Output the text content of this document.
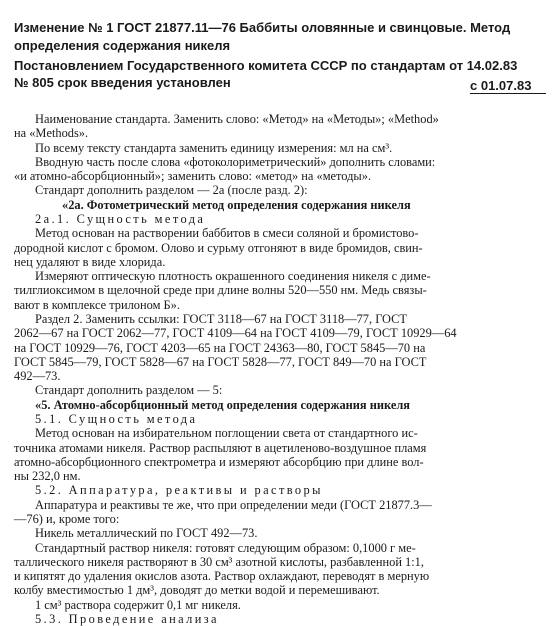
Изменение № 1 ГОСТ 21877.11—76 Баббиты оловянные и свинцовые. Метод
определения содержания никеля
Постановлением Государственного комитета СССР по стандартам от 14.02.83
№ 805 срок введения установлен	с 01.07.83
Наименование стандарта. Заменить слово: «Метод» на «Методы»; «Method»
на «Methods».
По всему тексту стандарта заменить единицу измерения: мл на см³.
Вводную часть после слова «фотоколориметрический» дополнить словами:
«и атомно-абсорбционный»; заменить слово: «метод» на «методы».
Стандарт дополнить разделом — 2а (после разд. 2):
«2а. Фотометрический метод определения содержания никеля
2а.1. Сущность метода
Метод основан на растворении баббитов в смеси соляной и бромистово-
дородной кислот с бромом. Олово и сурьму отгоняют в виде бромидов, свин-
нец удаляют в виде хлорида.
Измеряют оптическую плотность окрашенного соединения никеля с диме-
тилглиоксимом в щелочной среде при длине волны 520—550 нм. Медь связы-
вают в комплексе трилоном Б».
Раздел 2. Заменить ссылки: ГОСТ 3118—67 на ГОСТ 3118—77, ГОСТ
2062—67 на ГОСТ 2062—77, ГОСТ 4109—64 на ГОСТ 4109—79, ГОСТ 10929—64
на ГОСТ 10929—76, ГОСТ 4203—65 на ГОСТ 24363—80, ГОСТ 5845—70 на
ГОСТ 5845—79, ГОСТ 5828—67 на ГОСТ 5828—77, ГОСТ 849—70 на ГОСТ
492—73.
Стандарт дополнить разделом — 5:
«5. Атомно-абсорбционный метод определения содержания никеля
5.1. Сущность метода
Метод основан на избирательном поглощении света от стандартного ис-
точника атомами никеля. Раствор распыляют в ацетиленово-воздушное пламя
атомно-абсорбционного спектрометра и измеряют абсорбцию при длине вол-
ны 232,0 нм.
5.2. Аппаратура, реактивы и растворы
Аппаратура и реактивы те же, что при определении меди (ГОСТ 21877.3—
—76) и, кроме того:
Никель металлический по ГОСТ 492—73.
Стандартный раствор никеля: готовят следующим образом: 0,1000 г ме-
таллического никеля растворяют в 30 см³ азотной кислоты, разбавленной 1:1,
и кипятят до удаления окислов азота. Раствор охлаждают, переводят в мерную
колбу вместимостью 1 дм³, доводят до метки водой и перемешивают.
1 см³ раствора содержит 0,1 мг никеля.
5.3. Проведение анализа
